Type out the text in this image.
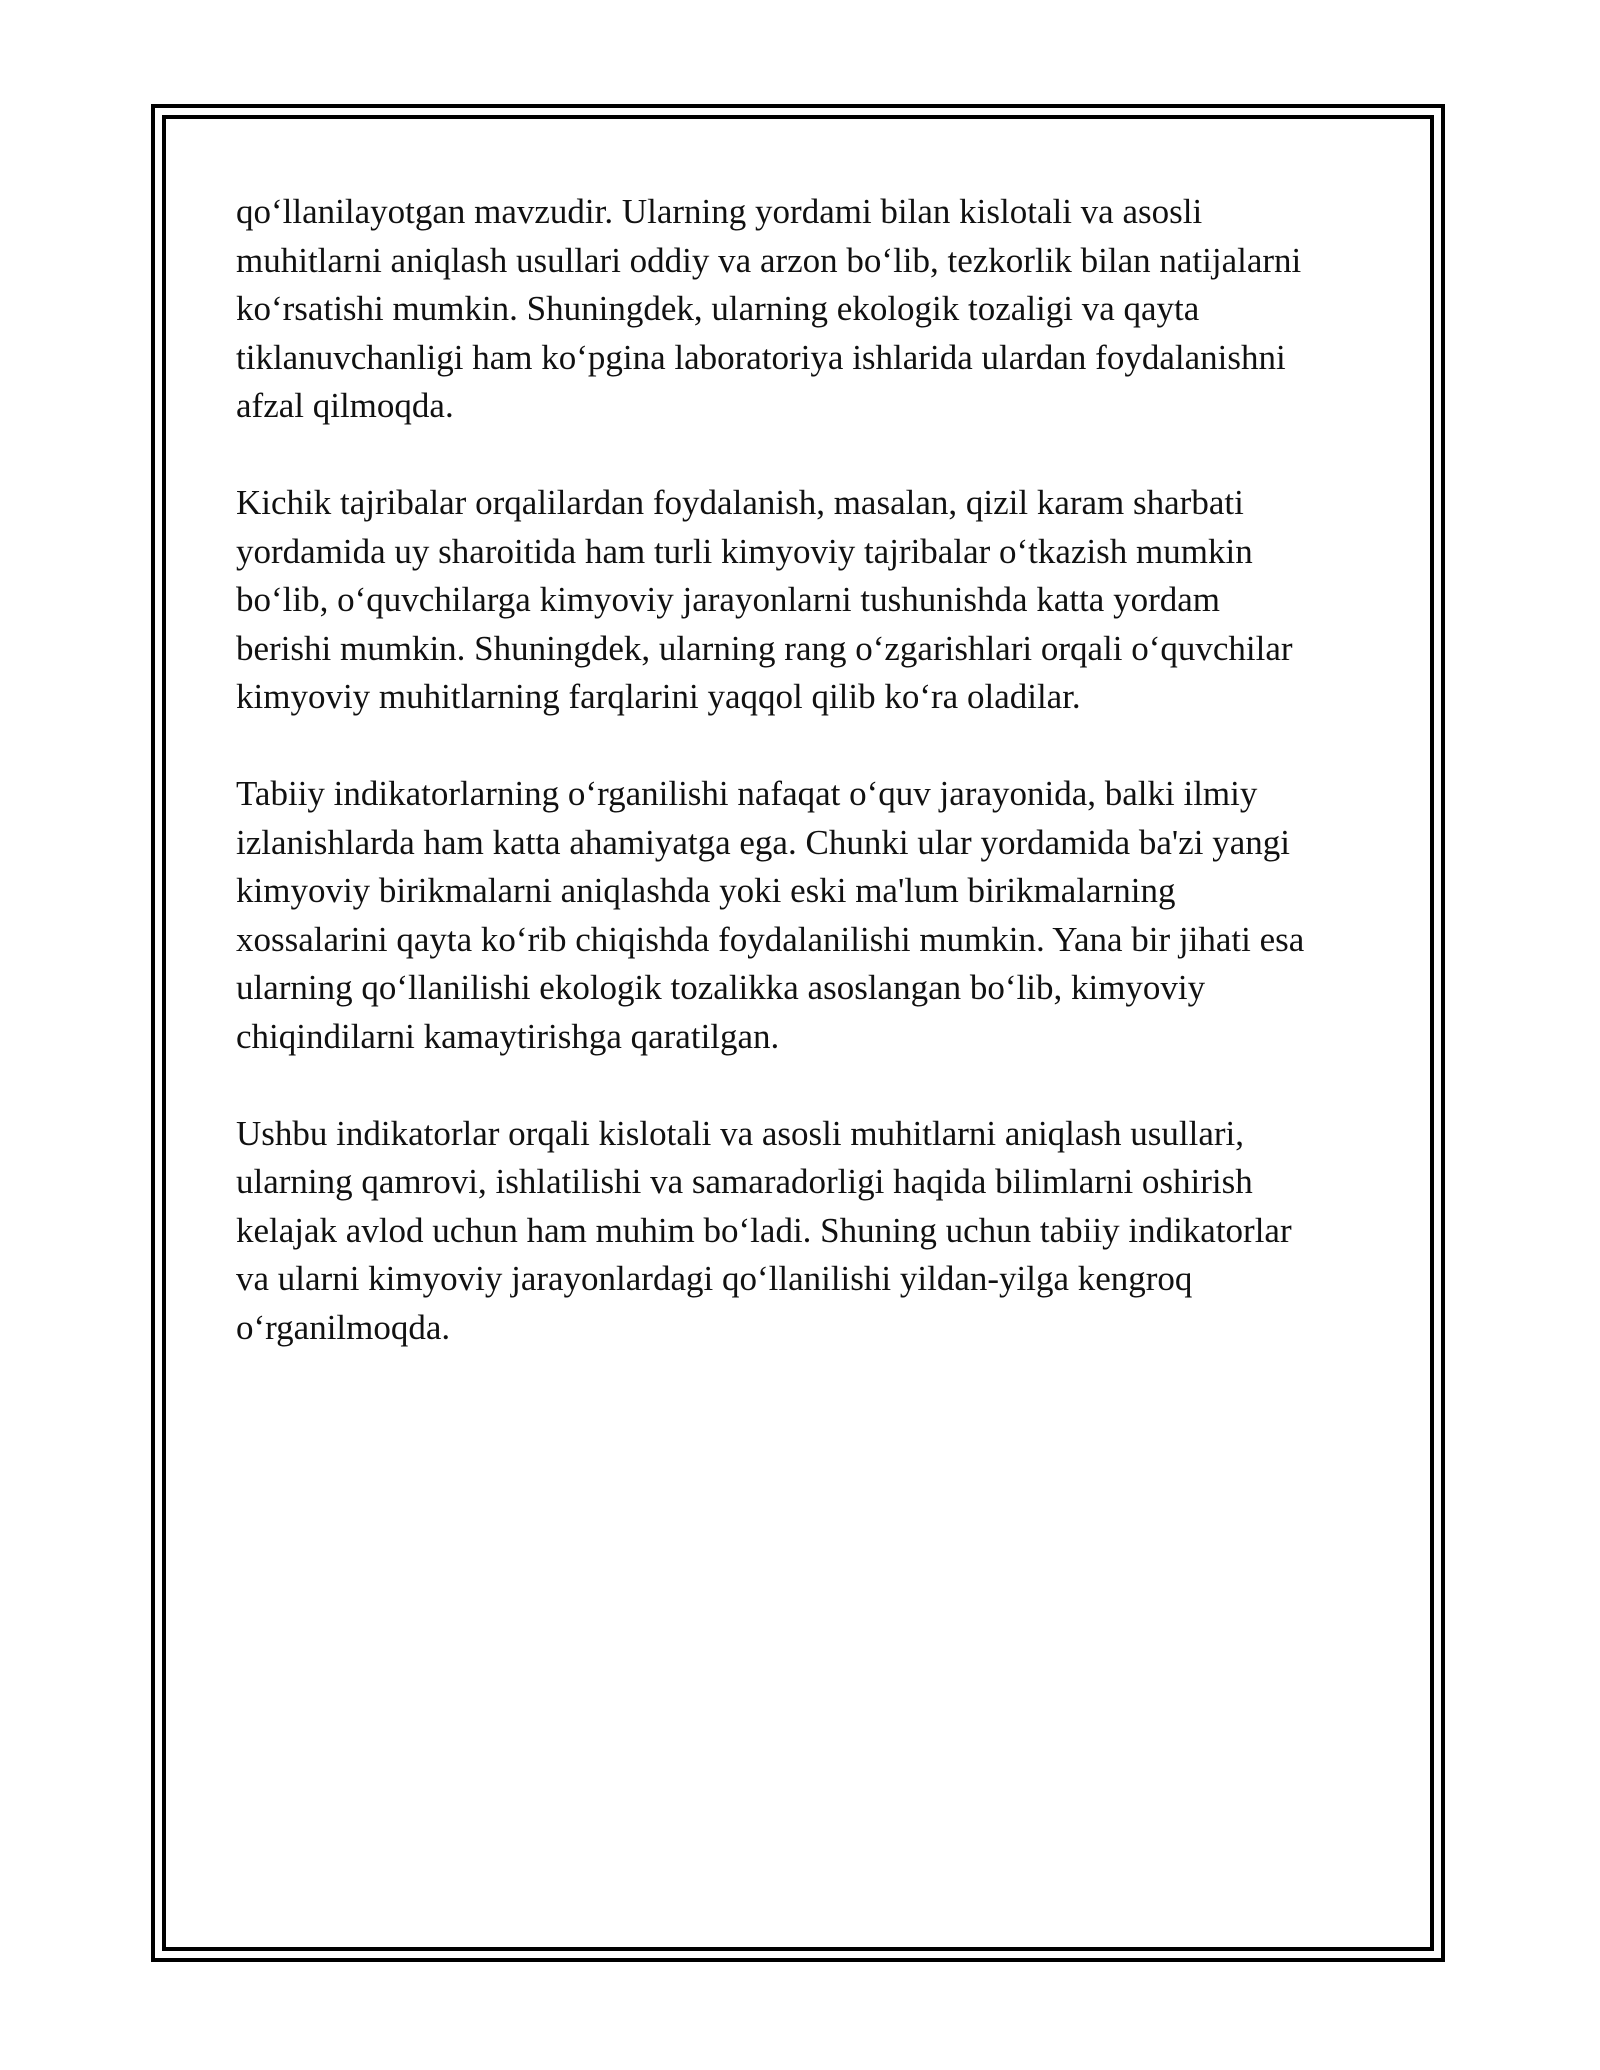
qo‘llanilayotgan mavzudir. Ularning yordami bilan kislotali va asosli
muhitlarni aniqlash usullari oddiy va arzon bo‘lib, tezkorlik bilan natijalarni
ko‘rsatishi mumkin. Shuningdek, ularning ekologik tozaligi va qayta
tiklanuvchanligi ham ko‘pgina laboratoriya ishlarida ulardan foydalanishni
afzal qilmoqda.

Kichik tajribalar orqalilardan foydalanish, masalan, qizil karam sharbati
yordamida uy sharoitida ham turli kimyoviy tajribalar o‘tkazish mumkin
bo‘lib, o‘quvchilarga kimyoviy jarayonlarni tushunishda katta yordam
berishi mumkin. Shuningdek, ularning rang o‘zgarishlari orqali o‘quvchilar
kimyoviy muhitlarning farqlarini yaqqol qilib ko‘ra oladilar.

Tabiiy indikatorlarning o‘rganilishi nafaqat o‘quv jarayonida, balki ilmiy
izlanishlarda ham katta ahamiyatga ega. Chunki ular yordamida ba'zi yangi
kimyoviy birikmalarni aniqlashda yoki eski ma'lum birikmalarning
xossalarini qayta ko‘rib chiqishda foydalanilishi mumkin. Yana bir jihati esa
ularning qo‘llanilishi ekologik tozalikka asoslangan bo‘lib, kimyoviy
chiqindilarni kamaytirishga qaratilgan.

Ushbu indikatorlar orqali kislotali va asosli muhitlarni aniqlash usullari,
ularning qamrovi, ishlatilishi va samaradorligi haqida bilimlarni oshirish
kelajak avlod uchun ham muhim bo‘ladi. Shuning uchun tabiiy indikatorlar
va ularni kimyoviy jarayonlardagi qo‘llanilishi yildan-yilga kengroq
o‘rganilmoqda.
